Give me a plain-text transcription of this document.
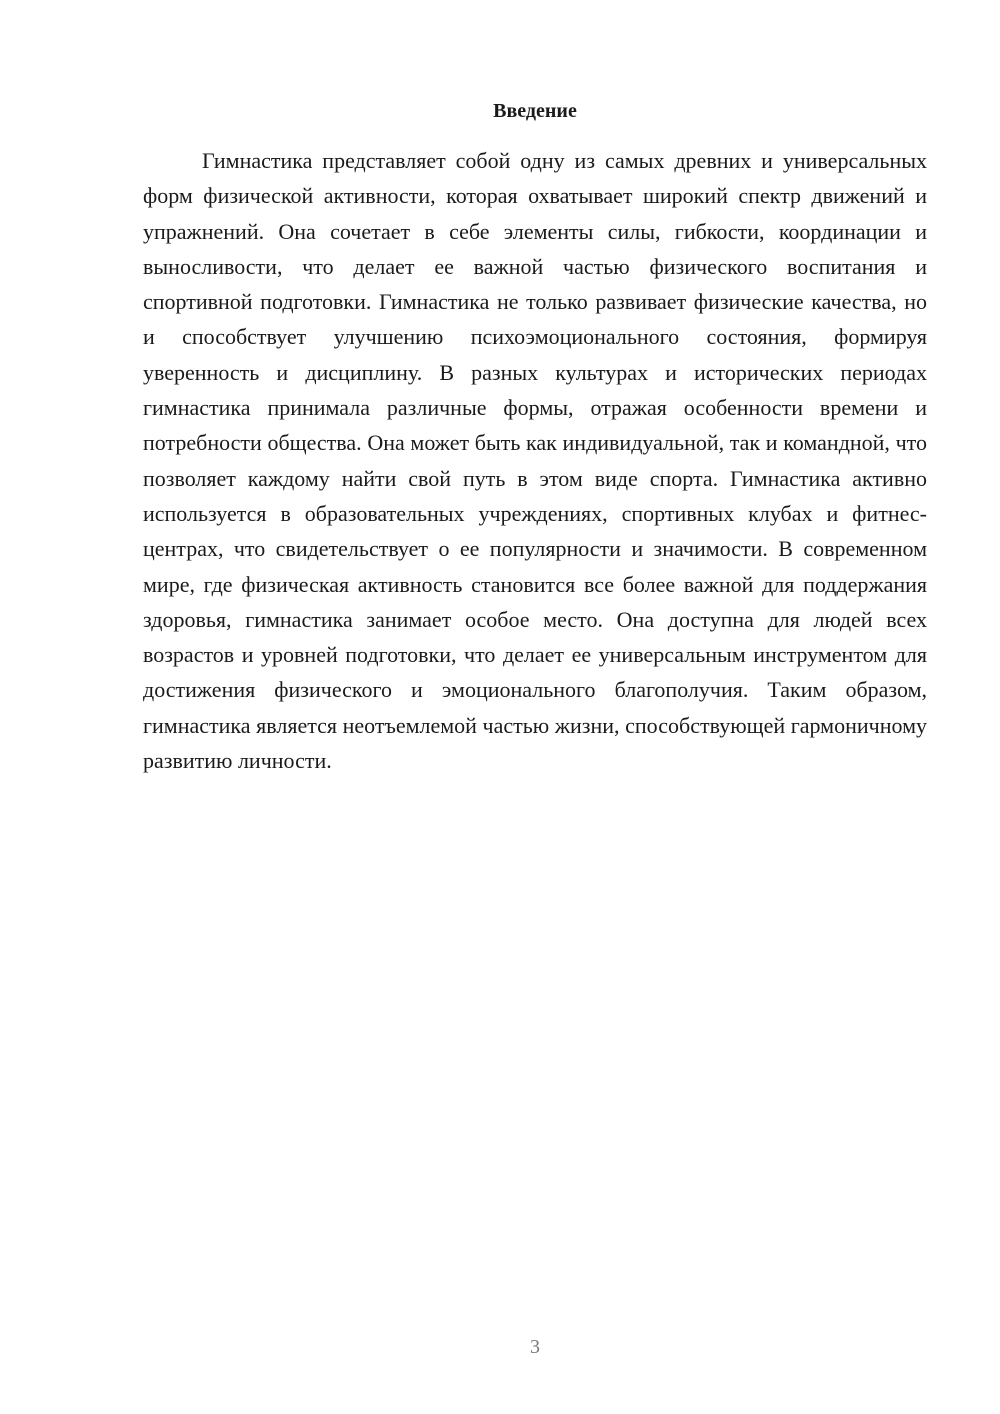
Введение

Гимнастика представляет собой одну из самых древних и универсальных форм физической активности, которая охватывает широкий спектр движений и упражнений. Она сочетает в себе элементы силы, гибкости, координации и выносливости, что делает ее важной частью физического воспитания и спортивной подготовки. Гимнастика не только развивает физические качества, но и способствует улучшению психоэмоционального состояния, формируя уверенность и дисциплину. В разных культурах и исторических периодах гимнастика принимала различные формы, отражая особенности времени и потребности общества. Она может быть как индивидуальной, так и командной, что позволяет каждому найти свой путь в этом виде спорта. Гимнастика активно используется в образовательных учреждениях, спортивных клубах и фитнес-центрах, что свидетельствует о ее популярности и значимости. В современном мире, где физическая активность становится все более важной для поддержания здоровья, гимнастика занимает особое место. Она доступна для людей всех возрастов и уровней подготовки, что делает ее универсальным инструментом для достижения физического и эмоционального благополучия. Таким образом, гимнастика является неотъемлемой частью жизни, способствующей гармоничному развитию личности.

3
